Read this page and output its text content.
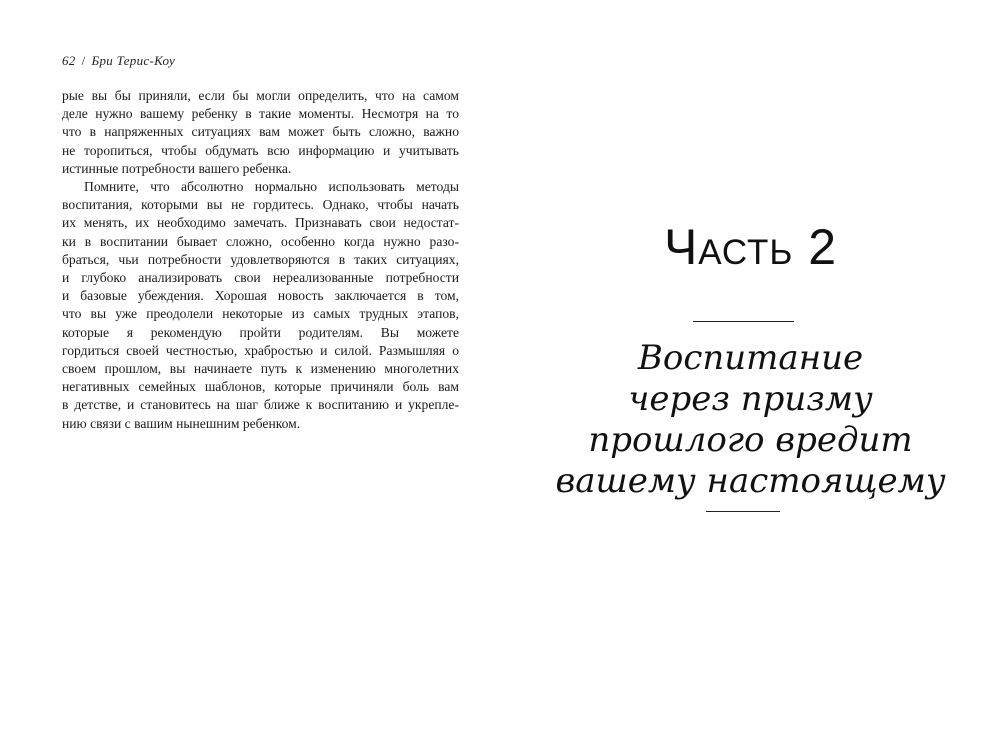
62 / Бри Терис-Коу
рые вы бы приняли, если бы могли определить, что на самом
деле нужно вашему ребенку в такие моменты. Несмотря на то
что в напряженных ситуациях вам может быть сложно, важно
не торопиться, чтобы обдумать всю информацию и учитывать
истинные потребности вашего ребенка.
Помните, что абсолютно нормально использовать методы
воспитания, которыми вы не гордитесь. Однако, чтобы начать
их менять, их необходимо замечать. Признавать свои недостат-
ки в воспитании бывает сложно, особенно когда нужно разо-
браться, чьи потребности удовлетворяются в таких ситуациях,
и глубоко анализировать свои нереализованные потребности
и базовые убеждения. Хорошая новость заключается в том,
что вы уже преодолели некоторые из самых трудных этапов,
которые я рекомендую пройти родителям. Вы можете
гордиться своей честностью, храбростью и силой. Размышляя о
своем прошлом, вы начинаете путь к изменению многолетних
негативных семейных шаблонов, которые причиняли боль вам
в детстве, и становитесь на шаг ближе к воспитанию и укрепле-
нию связи с вашим нынешним ребенком.
Часть 2
Воспитание
через призму
прошлого вредит
вашему настоящему
